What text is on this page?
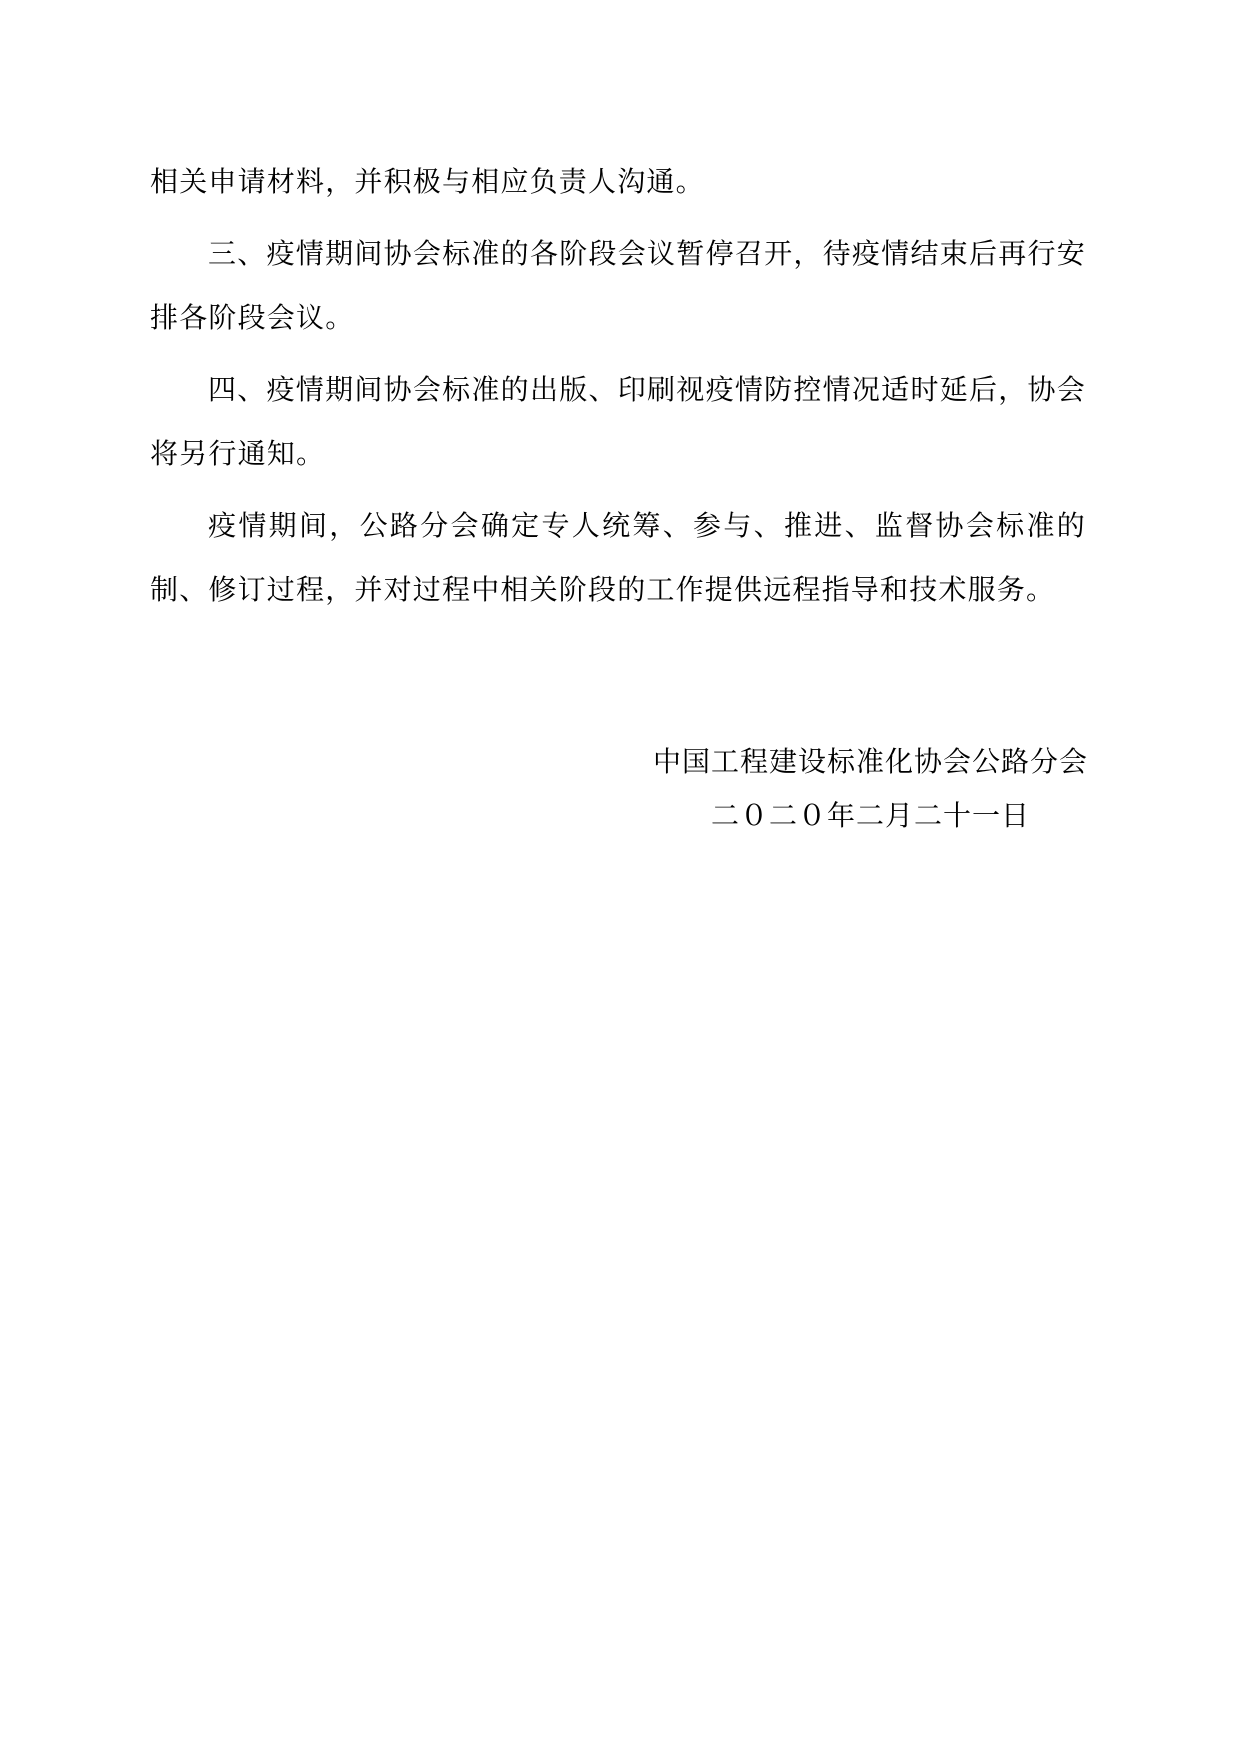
相关申请材料，并积极与相应负责人沟通。

三、疫情期间协会标准的各阶段会议暂停召开，待疫情结束后再行安排各阶段会议。

四、疫情期间协会标准的出版、印刷视疫情防控情况适时延后，协会将另行通知。

疫情期间，公路分会确定专人统筹、参与、推进、监督协会标准的制、修订过程，并对过程中相关阶段的工作提供远程指导和技术服务。

中国工程建设标准化协会公路分会
二０二０年二月二十一日
